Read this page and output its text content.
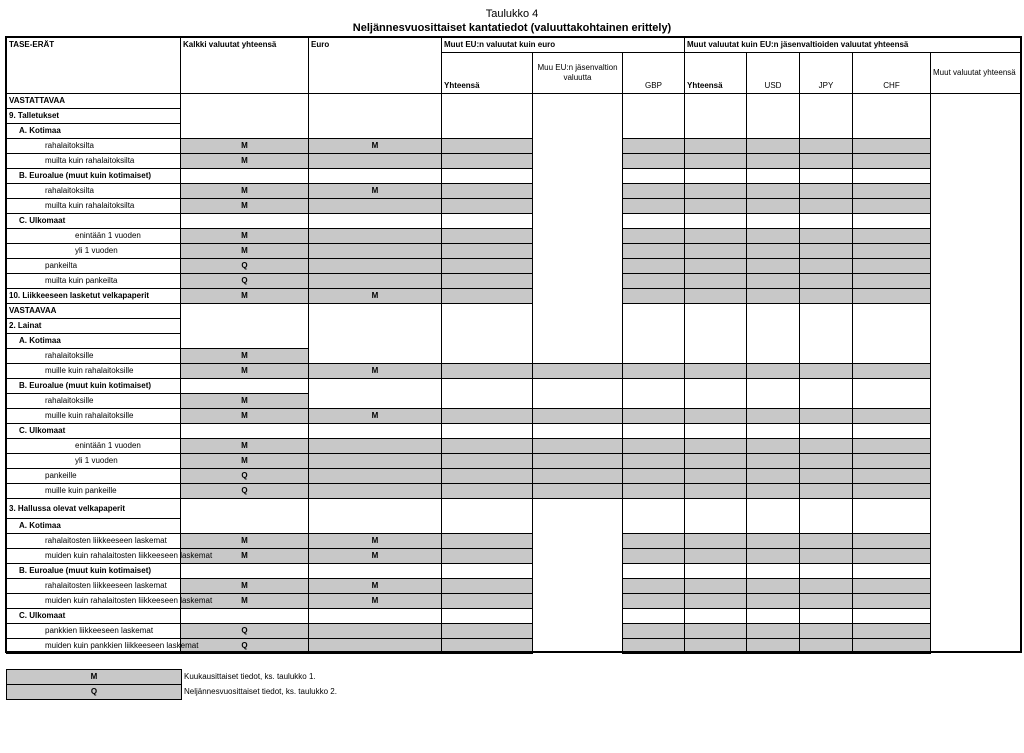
Taulukko 4
Neljännesvuosittaiset kantatiedot (valuuttakohtainen erittely)
TASE-ERÄT	Kalkki valuutat yhteensä	Euro	Muut EU:n valuutat kuin euro			Muut valuutat kuin EU:n jäsenvaltioiden valuutat yhteensä				
			Yhteensä	Muu EU:n jäsenvaltion valuutta	GBP	Yhteensä	USD	JPY	CHF	Muut valuutat yhteensä
VASTATTAVAA										
9. Talletukset										
A. Kotimaa										
rahalaitoksilta	M	M								
muilta kuin rahalaitoksilta	M									
B. Euroalue (muut kuin kotimaiset)										
rahalaitoksilta	M	M								
muilta kuin rahalaitoksilta	M									
C. Ulkomaat										
enintään 1 vuoden	M									
yli 1 vuoden	M									
pankeilta	Q									
muilta kuin pankeilta	Q									
10. Liikkeeseen lasketut velkapaperit	M	M								
VASTAAVAA										
2. Lainat										
A. Kotimaa										
rahalaitoksille	M									
muille kuin rahalaitoksille	M	M								
B. Euroalue (muut kuin kotimaiset)										
rahalaitoksille	M									
muille kuin rahalaitoksille	M	M								
C. Ulkomaat										
enintään 1 vuoden	M									
yli 1 vuoden	M									
pankeille	Q									
muille kuin pankeille	Q									
3. Hallussa olevat velkapaperit										
A. Kotimaa										
rahalaitosten liikkeeseen laskemat	M	M								
muiden kuin rahalaitosten liikkeeseen laskemat	M	M								
B. Euroalue (muut kuin kotimaiset)										
rahalaitosten liikkeeseen laskemat	M	M								
muiden kuin rahalaitosten liikkeeseen laskemat	M	M								
C. Ulkomaat										
pankkien liikkeeseen laskemat	Q									
muiden kuin pankkien liikkeeseen laskemat	Q									
M	Kuukausittaiset tiedot, ks. taulukko 1.
Q	Neljännesvuosittaiset tiedot, ks. taulukko 2.
